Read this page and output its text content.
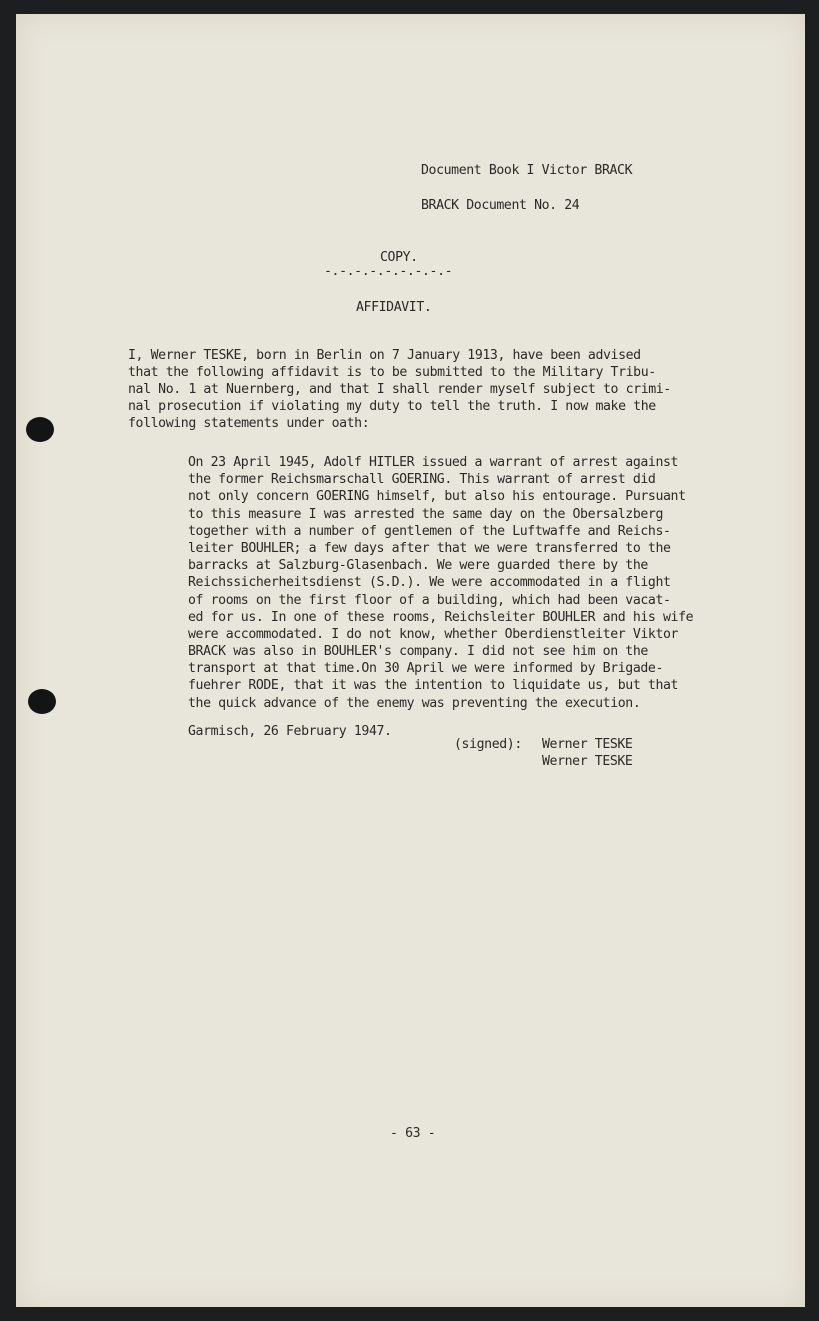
Document Book I Victor BRACK

BRACK Document No. 24

COPY.

-.-.-.-.-.-.-.-.-

AFFIDAVIT.

I, Werner TESKE, born in Berlin on 7 January 1913, have been advised
that the following affidavit is to be submitted to the Military Tribu-
nal No. 1 at Nuernberg, and that I shall render myself subject to crimi-
nal prosecution if violating my duty to tell the truth. I now make the
following statements under oath:
On 23 April 1945, Adolf HITLER issued a warrant of arrest against
the former Reichsmarschall GOERING. This warrant of arrest did
not only concern GOERING himself, but also his entourage. Pursuant
to this measure I was arrested the same day on the Obersalzberg
together with a number of gentlemen of the Luftwaffe and Reichs-
leiter BOUHLER; a few days after that we were transferred to the
barracks at Salzburg-Glasenbach. We were guarded there by the
Reichssicherheitsdienst (S.D.). We were accommodated in a flight
of rooms on the first floor of a building, which had been vacat-
ed for us. In one of these rooms, Reichsleiter BOUHLER and his wife
were accommodated. I do not know, whether Oberdienstleiter Viktor
BRACK was also in BOUHLER's company. I did not see him on the
transport at that time.On 30 April we were informed by Brigade-
fuehrer RODE, that it was the intention to liquidate us, but that
the quick advance of the enemy was preventing the execution.

Garmisch, 26 February 1947.

(signed): Werner TESKE

Werner TESKE

- 63 -
